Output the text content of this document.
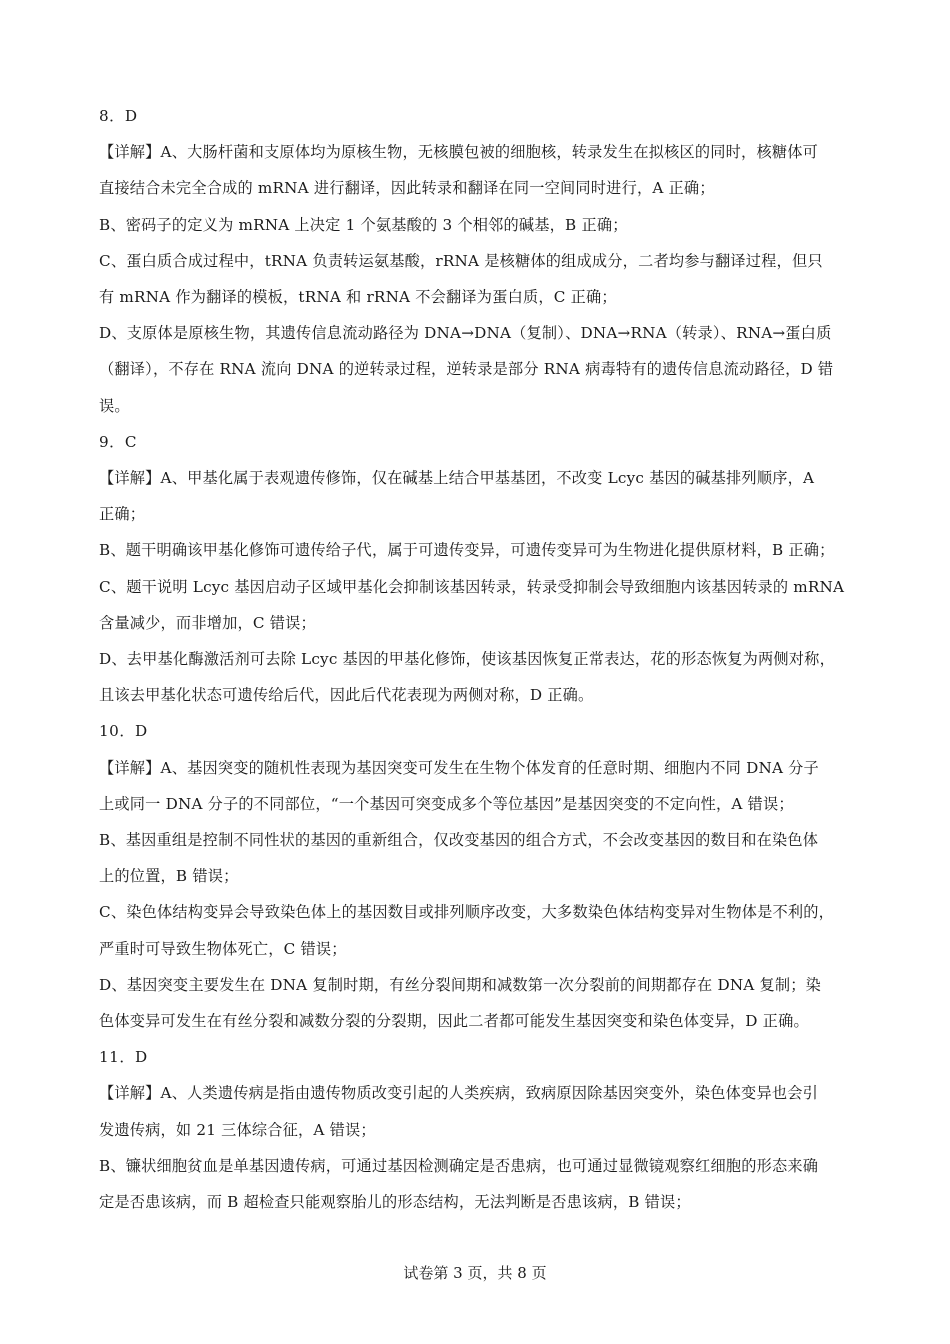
8．D

【详解】A、大肠杆菌和支原体均为原核生物，无核膜包被的细胞核，转录发生在拟核区的同时，核糖体可

直接结合未完全合成的 mRNA 进行翻译，因此转录和翻译在同一空间同时进行，A 正确；

B、密码子的定义为 mRNA 上决定 1 个氨基酸的 3 个相邻的碱基，B 正确；

C、蛋白质合成过程中，tRNA 负责转运氨基酸，rRNA 是核糖体的组成成分，二者均参与翻译过程，但只

有 mRNA 作为翻译的模板，tRNA 和 rRNA 不会翻译为蛋白质，C 正确；

D、支原体是原核生物，其遗传信息流动路径为 DNA→DNA（复制）、DNA→RNA（转录）、RNA→蛋白质

（翻译），不存在 RNA 流向 DNA 的逆转录过程，逆转录是部分 RNA 病毒特有的遗传信息流动路径，D 错

误。

9．C

【详解】A、甲基化属于表观遗传修饰，仅在碱基上结合甲基基团，不改变 Lcyc 基因的碱基排列顺序，A

正确；

B、题干明确该甲基化修饰可遗传给子代，属于可遗传变异，可遗传变异可为生物进化提供原材料，B 正确；

C、题干说明 Lcyc 基因启动子区域甲基化会抑制该基因转录，转录受抑制会导致细胞内该基因转录的 mRNA

含量减少，而非增加，C 错误；

D、去甲基化酶激活剂可去除 Lcyc 基因的甲基化修饰，使该基因恢复正常表达，花的形态恢复为两侧对称，

且该去甲基化状态可遗传给后代，因此后代花表现为两侧对称，D 正确。

10．D

【详解】A、基因突变的随机性表现为基因突变可发生在生物个体发育的任意时期、细胞内不同 DNA 分子

上或同一 DNA 分子的不同部位，“一个基因可突变成多个等位基因”是基因突变的不定向性，A 错误；

B、基因重组是控制不同性状的基因的重新组合，仅改变基因的组合方式，不会改变基因的数目和在染色体

上的位置，B 错误；

C、染色体结构变异会导致染色体上的基因数目或排列顺序改变，大多数染色体结构变异对生物体是不利的，

严重时可导致生物体死亡，C 错误；

D、基因突变主要发生在 DNA 复制时期，有丝分裂间期和减数第一次分裂前的间期都存在 DNA 复制；染

色体变异可发生在有丝分裂和减数分裂的分裂期，因此二者都可能发生基因突变和染色体变异，D 正确。

11．D

【详解】A、人类遗传病是指由遗传物质改变引起的人类疾病，致病原因除基因突变外，染色体变异也会引

发遗传病，如 21 三体综合征，A 错误；

B、镰状细胞贫血是单基因遗传病，可通过基因检测确定是否患病，也可通过显微镜观察红细胞的形态来确

定是否患该病，而 B 超检查只能观察胎儿的形态结构，无法判断是否患该病，B 错误；

试卷第 3 页，共 8 页
